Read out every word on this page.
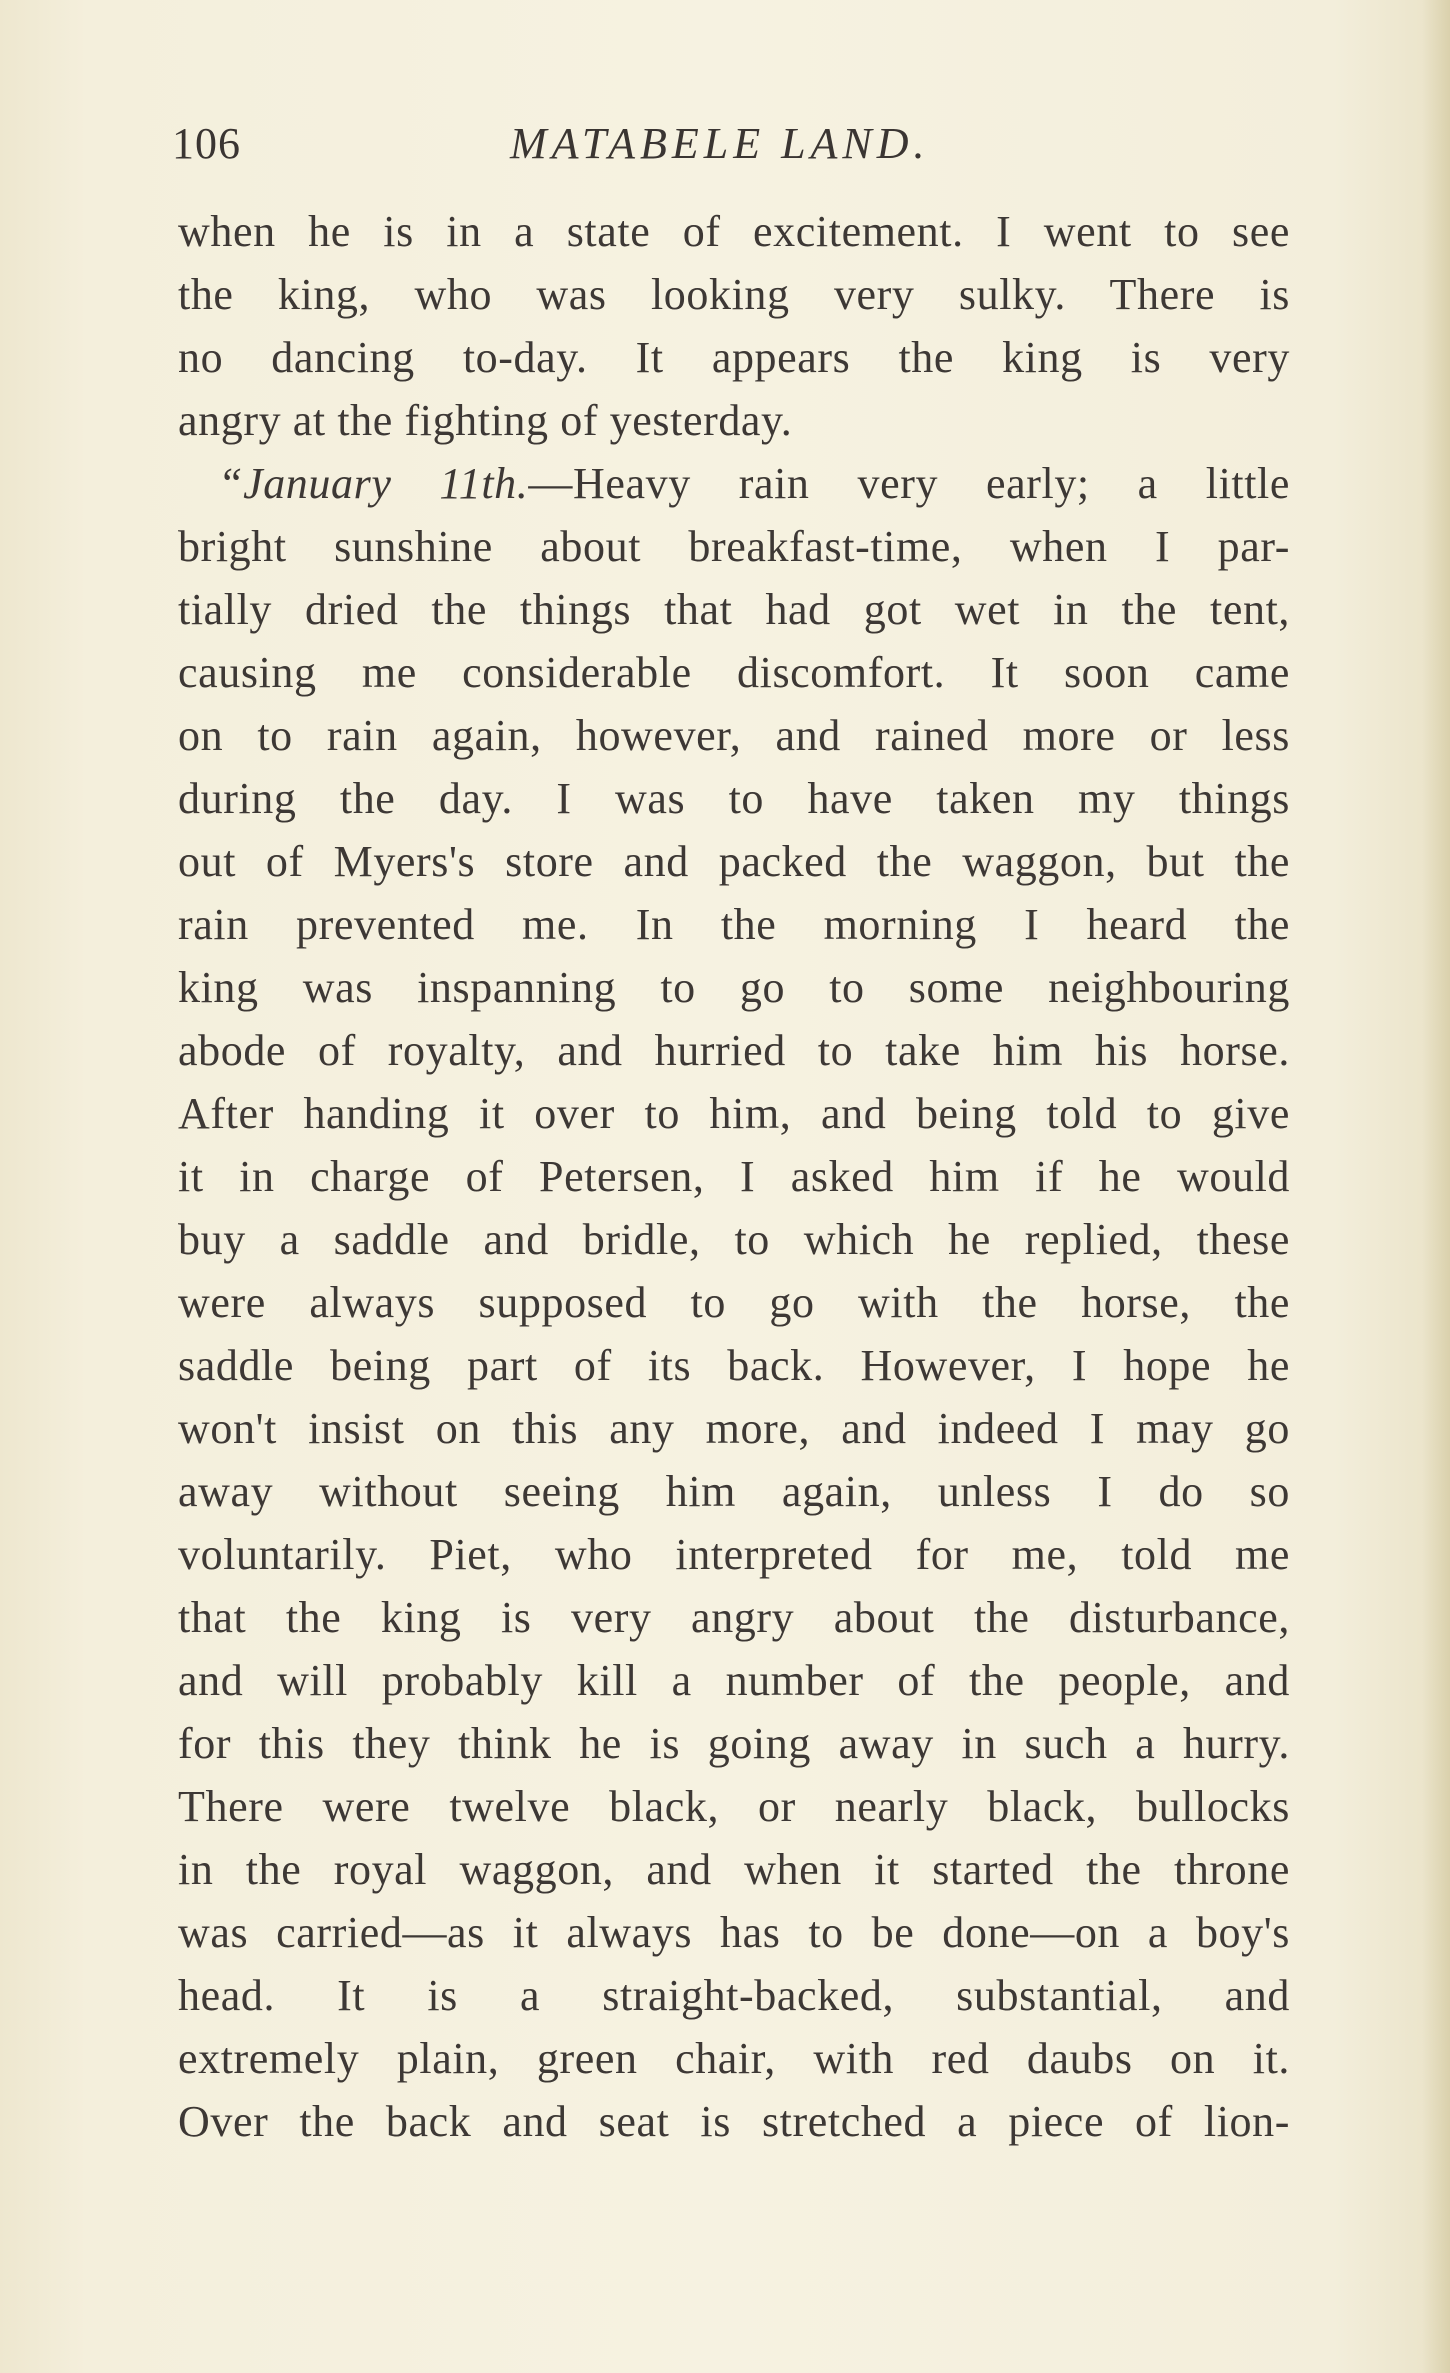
106	MATABELE LAND.
when he is in a state of excitement. I went to see
the king, who was looking very sulky. There is
no dancing to-day. It appears the king is very
angry at the fighting of yesterday.
“January 11th.—Heavy rain very early; a little
bright sunshine about breakfast-time, when I par-
tially dried the things that had got wet in the tent,
causing me considerable discomfort. It soon came
on to rain again, however, and rained more or less
during the day. I was to have taken my things
out of Myers's store and packed the waggon, but the
rain prevented me. In the morning I heard the
king was inspanning to go to some neighbouring
abode of royalty, and hurried to take him his horse.
After handing it over to him, and being told to give
it in charge of Petersen, I asked him if he would
buy a saddle and bridle, to which he replied, these
were always supposed to go with the horse, the
saddle being part of its back. However, I hope he
won't insist on this any more, and indeed I may go
away without seeing him again, unless I do so
voluntarily. Piet, who interpreted for me, told me
that the king is very angry about the disturbance,
and will probably kill a number of the people, and
for this they think he is going away in such a hurry.
There were twelve black, or nearly black, bullocks
in the royal waggon, and when it started the throne
was carried—as it always has to be done—on a boy's
head. It is a straight-backed, substantial, and
extremely plain, green chair, with red daubs on it.
Over the back and seat is stretched a piece of lion-
